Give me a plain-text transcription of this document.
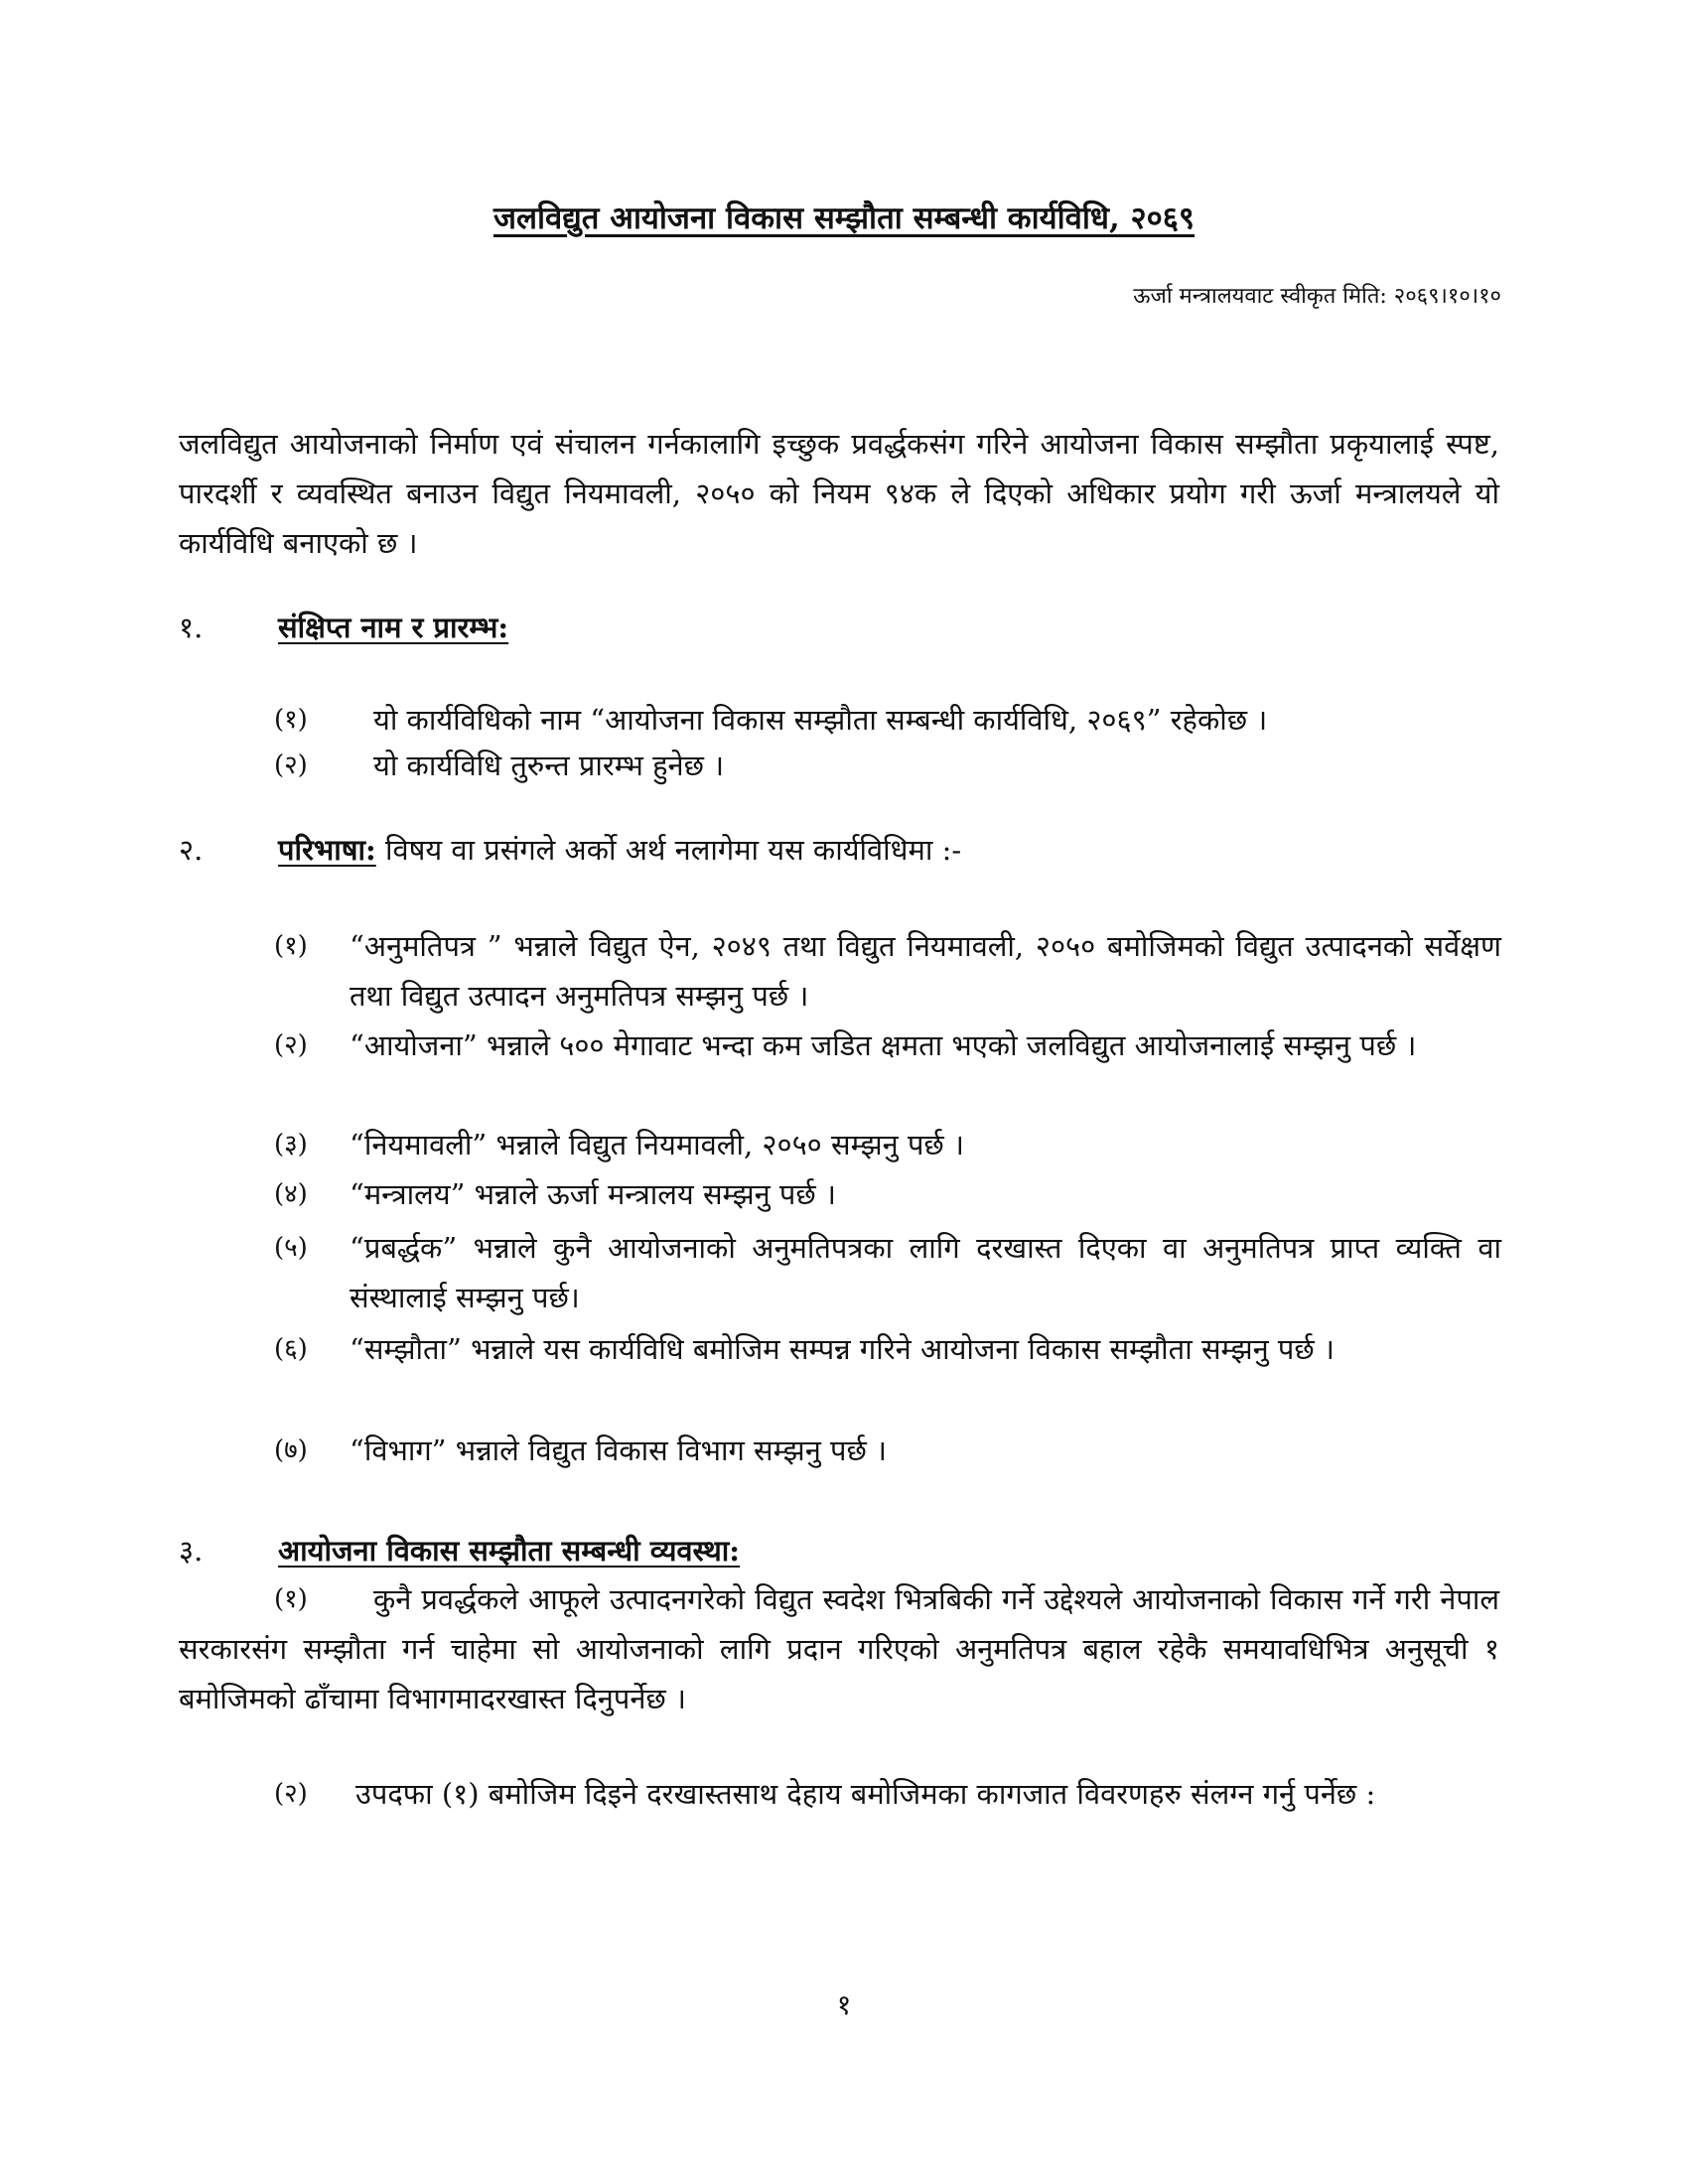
जलविद्युत आयोजना विकास सम्झौता सम्बन्धी कार्यविधि, २०६९
ऊर्जा मन्त्रालयवाट स्वीकृत मिति: २०६९।१०।१०
जलविद्युत आयोजनाको निर्माण एवं संचालन गर्नकालागि इच्छुक प्रवर्द्धकसंग गरिने आयोजना विकास सम्झौता प्रकृयालाई स्पष्ट, पारदर्शी र व्यवस्थित बनाउन विद्युत नियमावली, २०५० को नियम ९४क ले दिएको अधिकार प्रयोग गरी ऊर्जा मन्त्रालयले यो कार्यविधि बनाएको छ ।
१.	संक्षिप्त नाम र प्रारम्भ:
(१) यो कार्यविधिको नाम “आयोजना विकास सम्झौता सम्बन्धी कार्यविधि, २०६९” रहेकोछ ।
(२) यो कार्यविधि तुरुन्त प्रारम्भ हुनेछ ।
२.	परिभाषा: विषय वा प्रसंगले अर्को अर्थ नलागेमा यस कार्यविधिमा :-
(१) “अनुमतिपत्र ” भन्नाले विद्युत ऐन, २०४९ तथा विद्युत नियमावली, २०५० बमोजिमको विद्युत उत्पादनको सर्वेक्षण तथा विद्युत उत्पादन अनुमतिपत्र सम्झनु पर्छ ।
(२) “आयोजना” भन्नाले ५०० मेगावाट भन्दा कम जडित क्षमता भएको जलविद्युत आयोजनालाई सम्झनु पर्छ ।
(३) “नियमावली” भन्नाले विद्युत नियमावली, २०५० सम्झनु पर्छ ।
(४) “मन्त्रालय” भन्नाले ऊर्जा मन्त्रालय सम्झनु पर्छ ।
(५) “प्रबर्द्धक” भन्नाले कुनै आयोजनाको अनुमतिपत्रका लागि दरखास्त दिएका वा अनुमतिपत्र प्राप्त व्यक्ति वा संस्थालाई सम्झनु पर्छ।
(६) “सम्झौता” भन्नाले यस कार्यविधि बमोजिम सम्पन्न गरिने आयोजना विकास सम्झौता सम्झनु पर्छ ।
(७) “विभाग” भन्नाले विद्युत विकास विभाग सम्झनु पर्छ ।
३.	आयोजना विकास सम्झौता सम्बन्धी व्यवस्था:
(१)	कुनै प्रवर्द्धकले आफूले उत्पादनगरेको विद्युत स्वदेश भित्रबिकी गर्ने उद्देश्यले आयोजनाको विकास गर्ने गरी नेपाल सरकारसंग सम्झौता गर्न चाहेमा सो आयोजनाको लागि प्रदान गरिएको अनुमतिपत्र बहाल रहेकै समयावधिभित्र अनुसूची १ बमोजिमको ढाँचामा विभागमादरखास्त दिनुपर्नेछ ।
(२) उपदफा (१) बमोजिम दिइने दरखास्तसाथ देहाय बमोजिमका कागजात विवरणहरु संलग्न गर्नु पर्नेछ :
१
